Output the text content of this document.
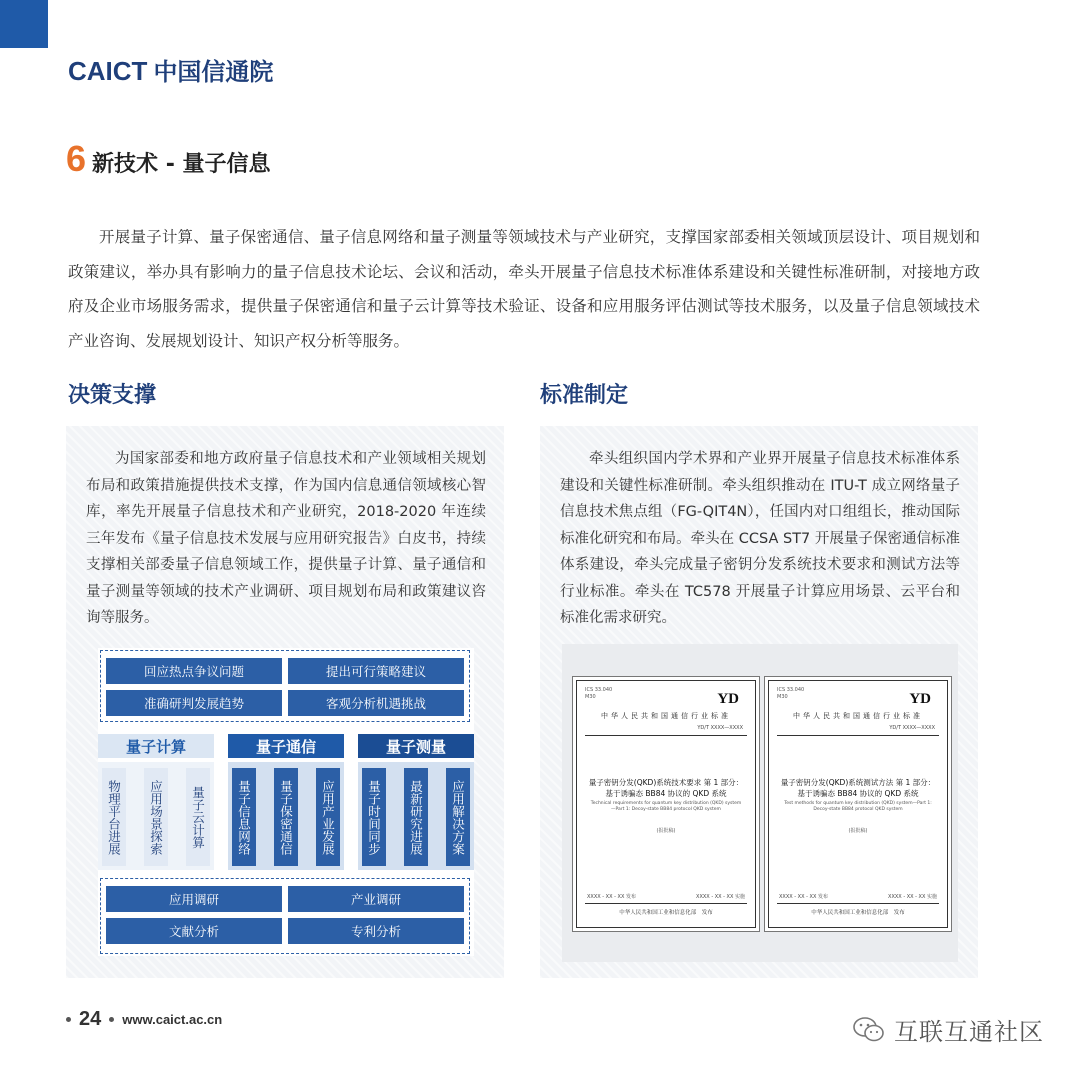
CAICT 中国信通院
6 新技术 - 量子信息
开展量子计算、量子保密通信、量子信息网络和量子测量等领域技术与产业研究，支撑国家部委相关领域顶层设计、项目规划和政策建议，举办具有影响力的量子信息技术论坛、会议和活动，牵头开展量子信息技术标准体系建设和关键性标准研制，对接地方政府及企业市场服务需求，提供量子保密通信和量子云计算等技术验证、设备和应用服务评估测试等技术服务，以及量子信息领域技术产业咨询、发展规划设计、知识产权分析等服务。
决策支撑	标准制定
为国家部委和地方政府量子信息技术和产业领域相关规划布局和政策措施提供技术支撑，作为国内信息通信领域核心智库，率先开展量子信息技术和产业研究，2018-2020 年连续三年发布《量子信息技术发展与应用研究报告》白皮书，持续支撑相关部委量子信息领域工作，提供量子计算、量子通信和量子测量等领域的技术产业调研、项目规划布局和政策建议咨询等服务。
回应热点争议问题	提出可行策略建议
准确研判发展趋势	客观分析机遇挑战
量子计算
物理平台进展	应用场景探索	量子云计算
量子通信
量子信息网络	量子保密通信	应用产业发展
量子测量
量子时间同步	最新研究进展	应用解决方案
应用调研	产业调研
文献分析	专利分析
牵头组织国内学术界和产业界开展量子信息技术标准体系建设和关键性标准研制。牵头组织推动在 ITU-T 成立网络量子信息技术焦点组（FG-QIT4N），任国内对口组组长，推动国际标准化研究和布局。牵头在 CCSA ST7 开展量子保密通信标准体系建设，牵头完成量子密钥分发系统技术要求和测试方法等行业标准。牵头在 TC578 开展量子计算应用场景、云平台和标准化需求研究。
ICS 33.040
M30	YD
中华人民共和国通信行业标准
YD/T XXXX—XXXX
量子密钥分发(QKD)系统技术要求 第 1 部分：基于诱骗态 BB84 协议的 QKD 系统
Technical requirements for quantum key distribution (QKD) system—Part 1: Decoy-state BB84 protocol QKD system
(报批稿)
XXXX - XX - XX 发布	XXXX - XX - XX 实施
中华人民共和国工业和信息化部　发布
ICS 33.040
M30	YD
中华人民共和国通信行业标准
YD/T XXXX—XXXX
量子密钥分发(QKD)系统测试方法 第 1 部分：基于诱骗态 BB84 协议的 QKD 系统
Test methods for quantum key distribution (QKD) system—Part 1: Decoy-state BB84 protocol QKD system
(报批稿)
XXXX - XX - XX 发布	XXXX - XX - XX 实施
中华人民共和国工业和信息化部　发布
24 www.caict.ac.cn	互联互通社区
